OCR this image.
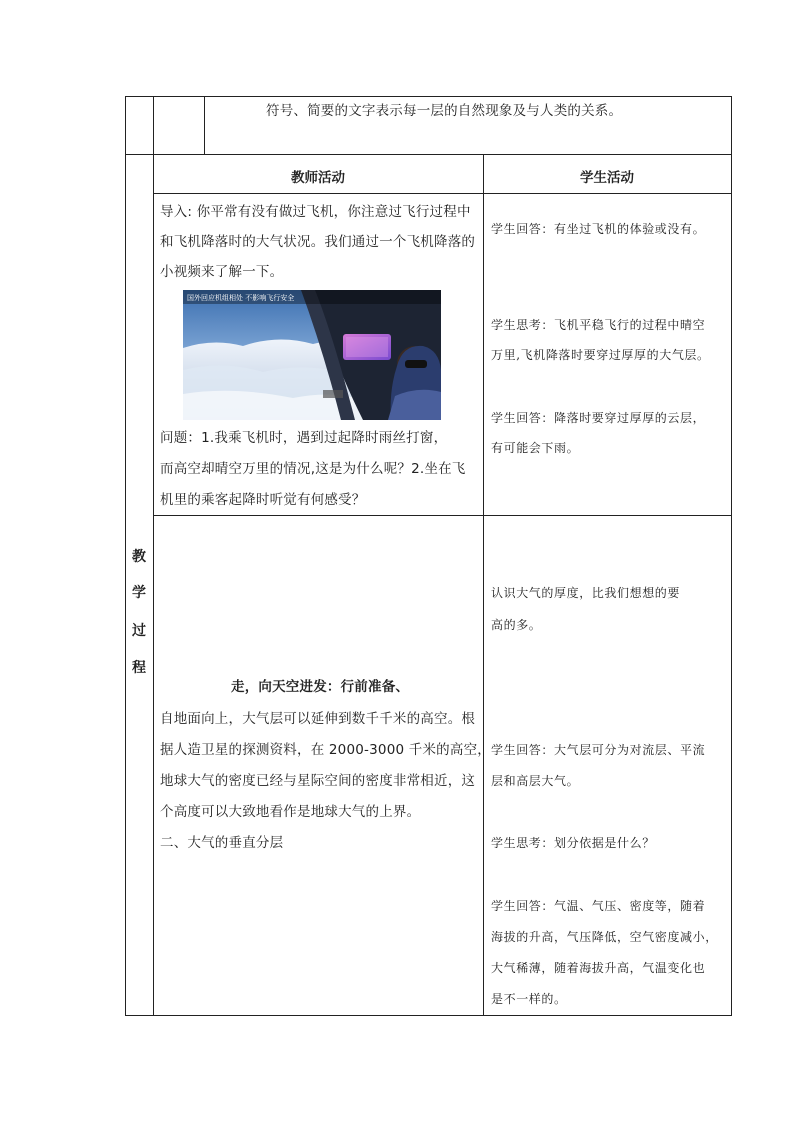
符号、简要的文字表示每一层的自然现象及与人类的关系。
教师活动	学生活动
教
学
过
程
导入: 你平常有没有做过飞机，你注意过飞行过程中
和飞机降落时的大气状况。我们通过一个飞机降落的
小视频来了解一下。
国外回应机组相处 不影响飞行安全
问题：1.我乘飞机时，遇到过起降时雨丝打窗，
而高空却晴空万里的情况,这是为什么呢？2.坐在飞
机里的乘客起降时听觉有何感受？
学生回答：有坐过飞机的体验或没有。
学生思考：飞机平稳飞行的过程中晴空
万里,飞机降落时要穿过厚厚的大气层。
学生回答：降落时要穿过厚厚的云层，
有可能会下雨。
走，向天空进发：行前准备、
自地面向上，大气层可以延伸到数千千米的高空。根
据人造卫星的探测资料，在 2000-3000 千米的高空，
地球大气的密度已经与星际空间的密度非常相近，这
个高度可以大致地看作是地球大气的上界。
二、大气的垂直分层
认识大气的厚度，比我们想想的要
高的多。
学生回答：大气层可分为对流层、平流
层和高层大气。
学生思考：划分依据是什么？
学生回答：气温、气压、密度等，随着
海拔的升高，气压降低，空气密度减小，
大气稀薄，随着海拔升高，气温变化也
是不一样的。
